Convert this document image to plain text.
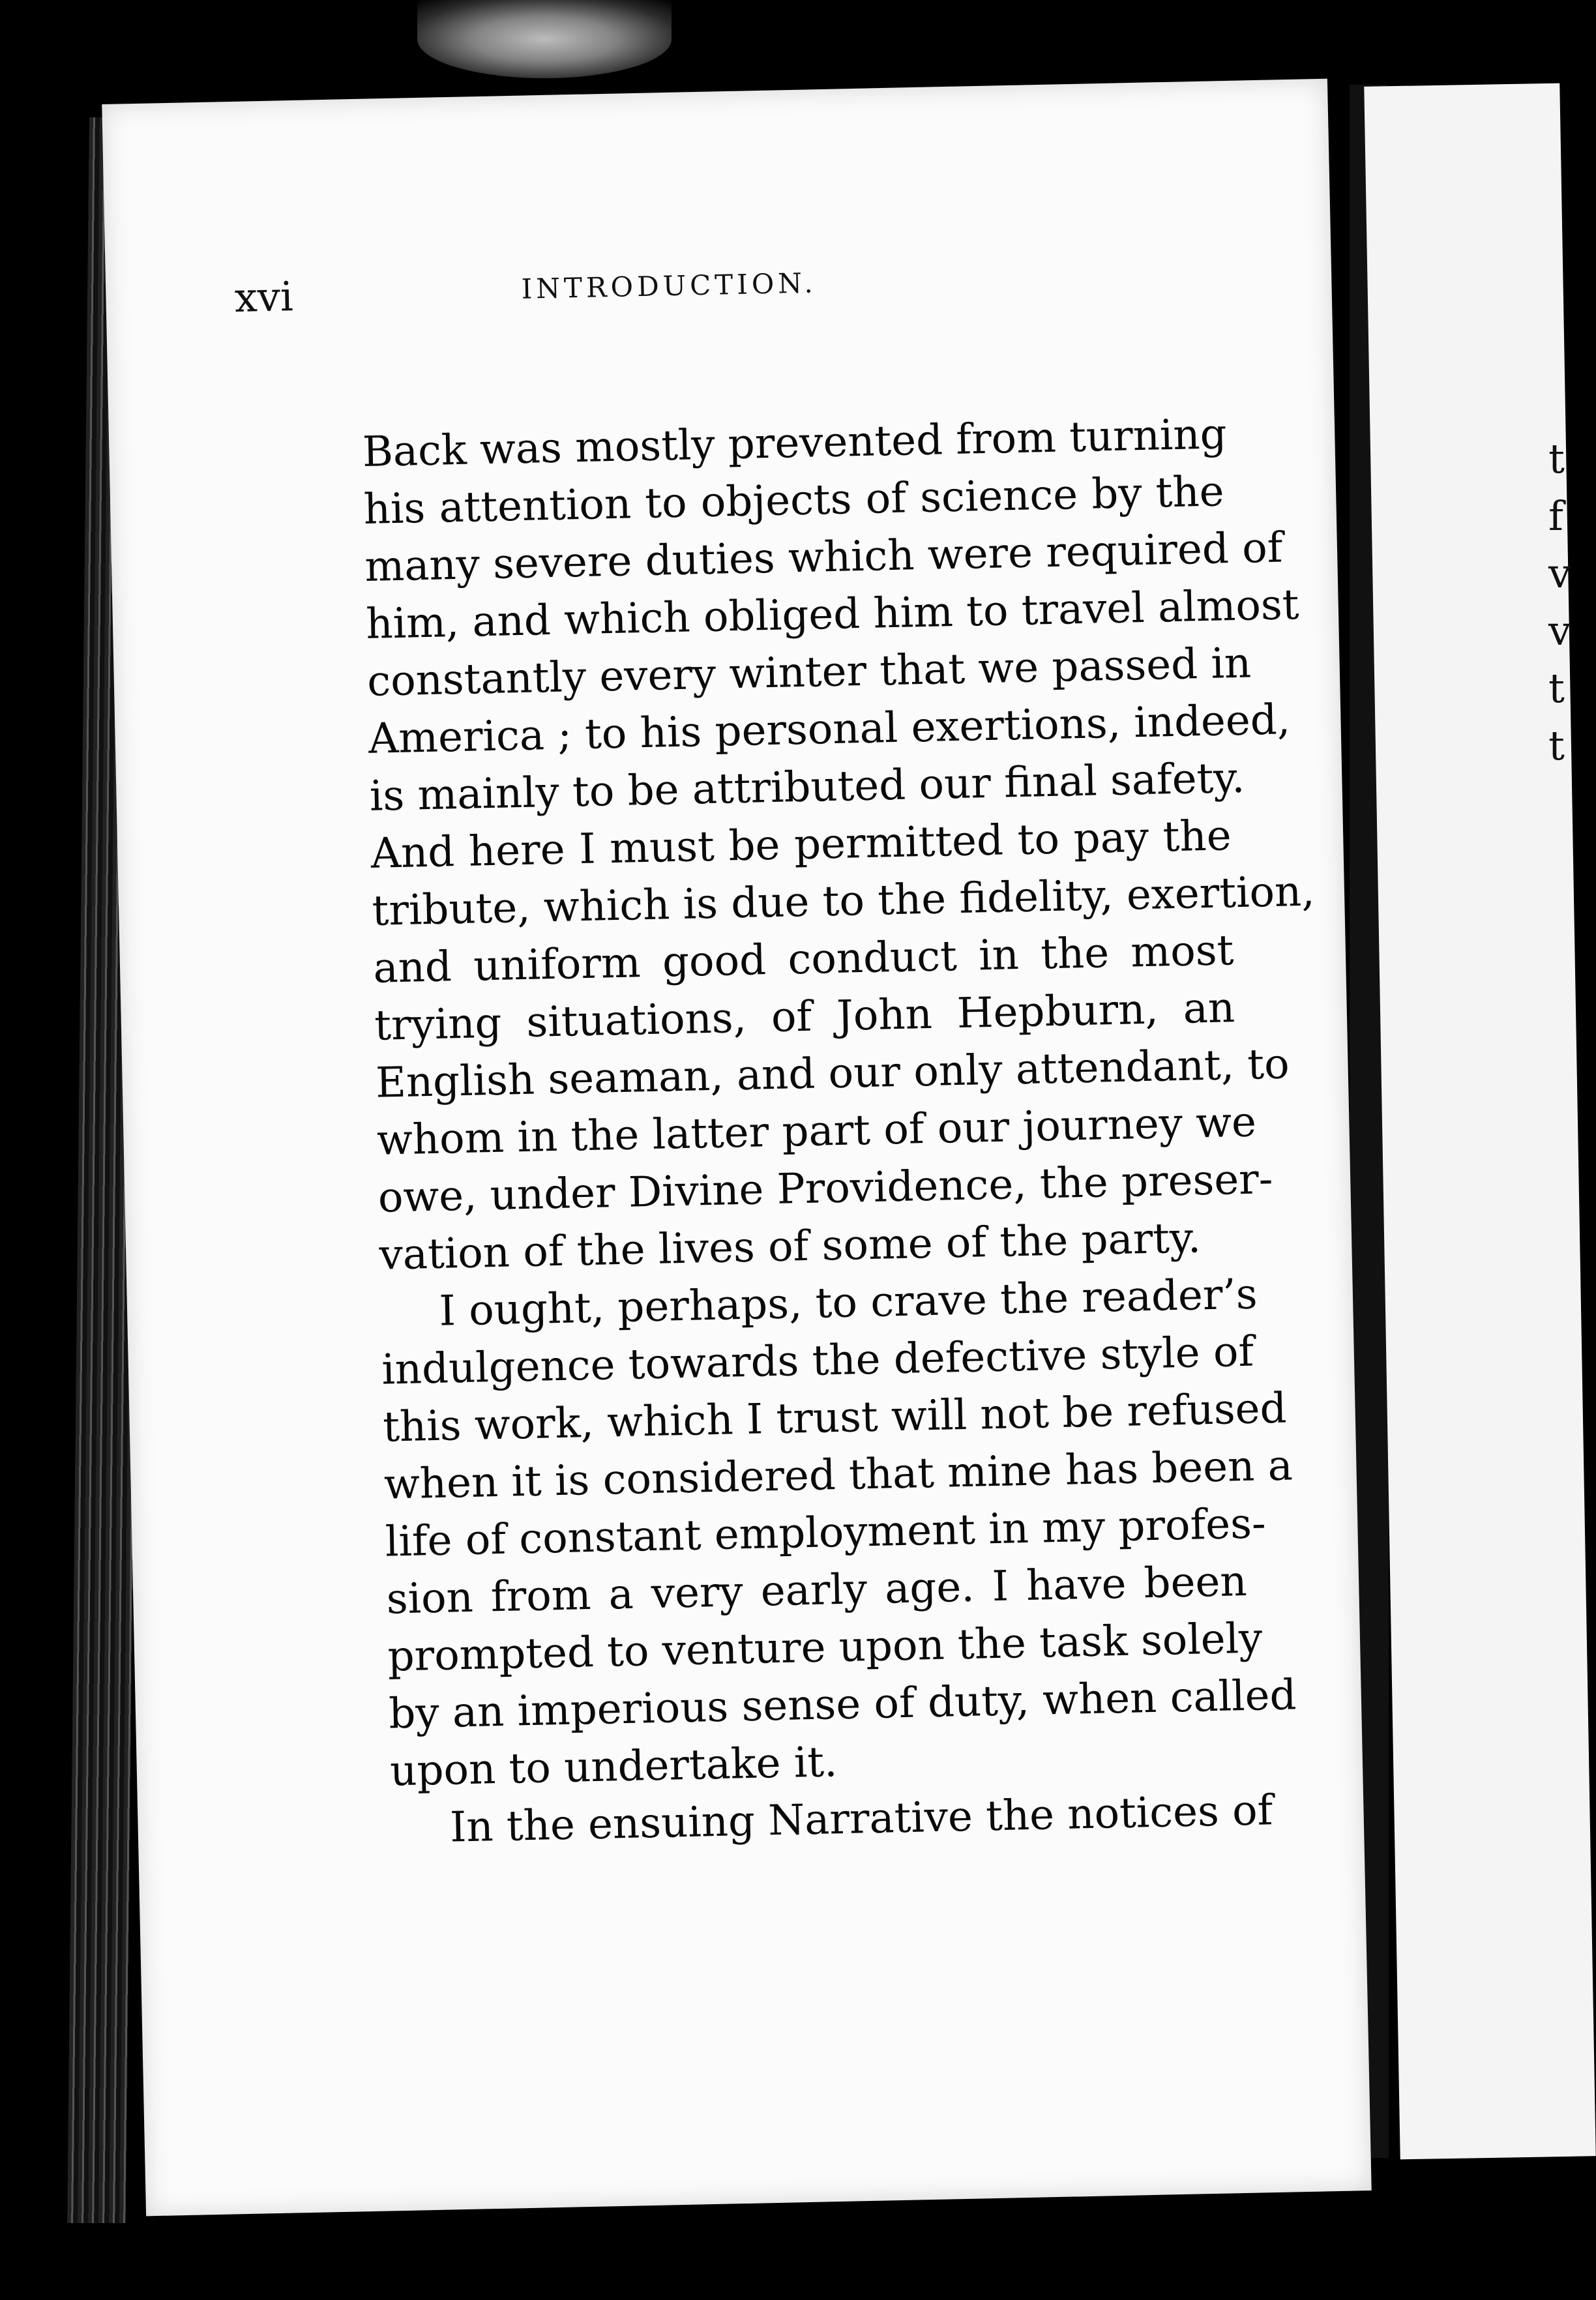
t
f
v
v
t
t
xvi	INTRODUCTION.
Back was mostly prevented from turning
his attention to objects of science by the
many severe duties which were required of
him, and which obliged him to travel almost
constantly every winter that we passed in
America ; to his personal exertions, indeed,
is mainly to be attributed our final safety.
And here I must be permitted to pay the
tribute, which is due to the fidelity, exertion,
and uniform good conduct in the most
trying situations, of John Hepburn, an
English seaman, and our only attendant, to
whom in the latter part of our journey we
owe, under Divine Providence, the preser-
vation of the lives of some of the party.
I ought, perhaps, to crave the reader’s
indulgence towards the defective style of
this work, which I trust will not be refused
when it is considered that mine has been a
life of constant employment in my profes-
sion from a very early age. I have been
prompted to venture upon the task solely
by an imperious sense of duty, when called
upon to undertake it.
In the ensuing Narrative the notices of
